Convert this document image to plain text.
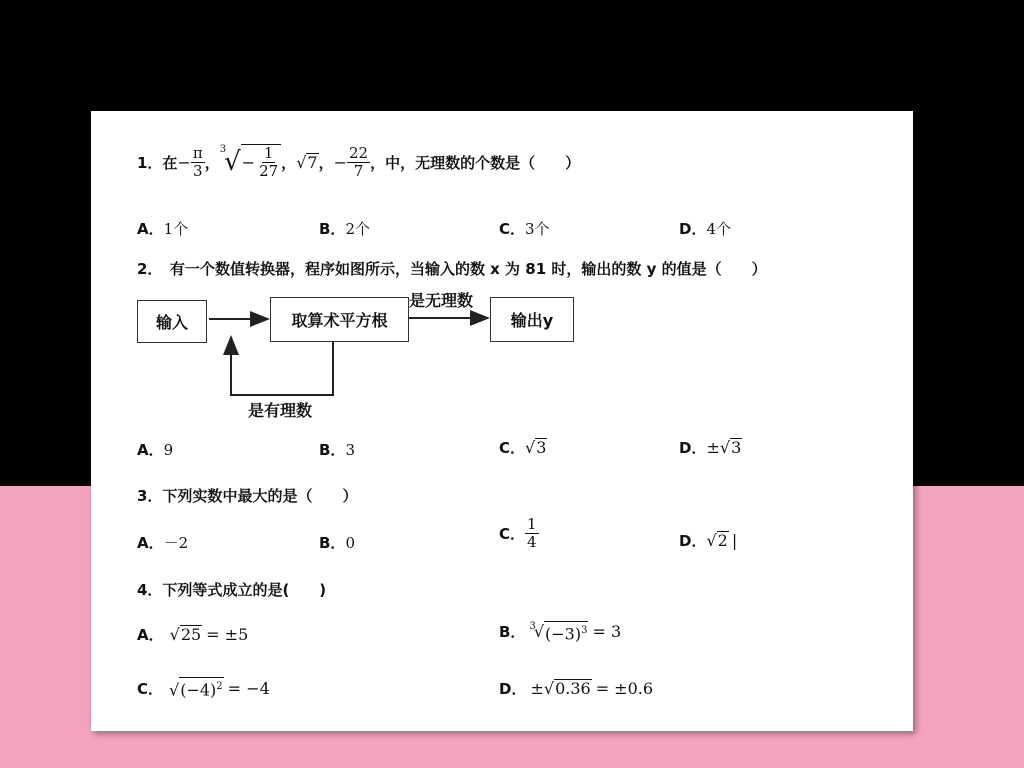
1．在 − $\frac{\pi}{3}$ ，
3
√ − $\frac{1}{27}$ ， √7 ， − $\frac{22}{7}$ ，中，无理数的个数是（　　）
A．1个	B．2个	C．3个	D．4个
2．　有一个数值转换器，程序如图所示，当输入的数 x 为 81 时，输出的数 y 的值是（　　）
输入	取算术平方根	输出y
是无理数
是有理数
A．9	B．3	C．√3	D．±√3
3．下列实数中最大的是（　　）
A．－2	B．0	C． $\frac{1}{4}$	D．√2 |
4．下列等式成立的是(　　)
A． √25 = ±5	B． 3
√ $(-3)^3 = 3$
C． $√(-4)^2 = -4$	D． ± √0.36 = ±0.6
